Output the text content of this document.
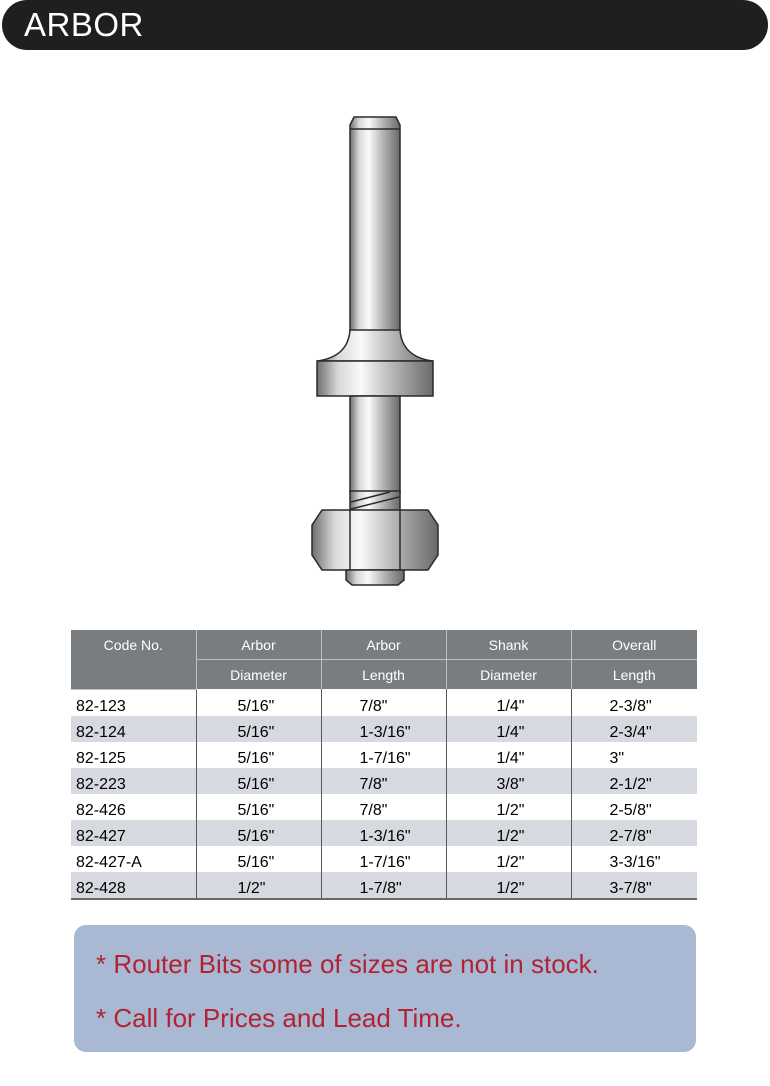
ARBOR
Code No.	Arbor	Arbor	Shank	Overall
	Diameter	Length	Diameter	Length
82-123	5/16"	7/8"	1/4"	2-3/8"
82-124	5/16"	1-3/16"	1/4"	2-3/4"
82-125	5/16"	1-7/16"	1/4"	3"
82-223	5/16"	7/8"	3/8"	2-1/2"
82-426	5/16"	7/8"	1/2"	2-5/8"
82-427	5/16"	1-3/16"	1/2"	2-7/8"
82-427-A	5/16"	1-7/16"	1/2"	3-3/16"
82-428	1/2"	1-7/8"	1/2"	3-7/8"
* Router Bits some of sizes are not in stock.
* Call for Prices and Lead Time.
